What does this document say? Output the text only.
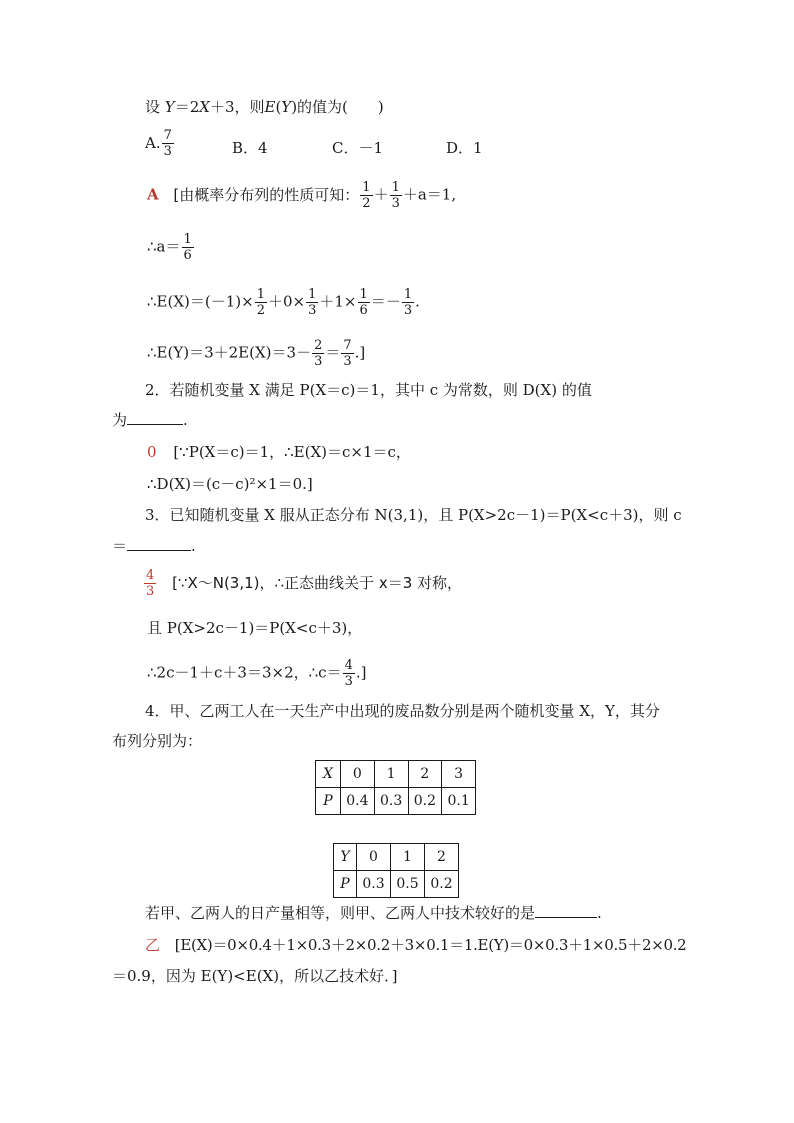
设 Y＝2X＋3，则E(Y)的值为(　　)
A. $\frac{7}{3}$	B．4	C．－1	D．1
A [由概率分布列的性质可知： $\frac{1}{2} + \frac{1}{3} +a=1$,
∴a＝ $\frac{1}{6}$
∴E(X)＝(－1)× $\frac{1}{2} +0\times \frac{1}{3} +1\times \frac{1}{6} =- \frac{1}{3}$ .
∴E(Y)＝3＋2E(X)＝3－ $\frac{2}{3} = \frac{7}{3}$ .]
2．若随机变量 X 满足 P(X＝c)＝1，其中 c 为常数，则 D(X) 的值
为	.
0 [∵P(X＝c)＝1，∴E(X)＝c×1＝c，
∴D(X)＝(c－c)²×1＝0.]
3．已知随机变量 X 服从正态分布 N(3,1)，且 P(X>2c－1)＝P(X<c＋3)，则 c
＝	.
$\frac{4}{3}$ [∵X～N(3,1)，∴正态曲线关于 x＝3 对称，
且 P(X>2c－1)＝P(X<c＋3)，
∴2c－1＋c＋3＝3×2，∴c＝ $\frac{4}{3}$ .]
4．甲、乙两工人在一天生产中出现的废品数分别是两个随机变量 X，Y，其分
布列分别为：
X	0	1	2	3
P	0.4	0.3	0.2	0.1
Y	0	1	2
P	0.3	0.5	0.2
若甲、乙两人的日产量相等，则甲、乙两人中技术较好的是	.
乙 [E(X)＝0×0.4＋1×0.3＋2×0.2＋3×0.1＝1.E(Y)＝0×0.3＋1×0.5＋2×0.2
＝0.9，因为 E(Y)<E(X)，所以乙技术好．]
